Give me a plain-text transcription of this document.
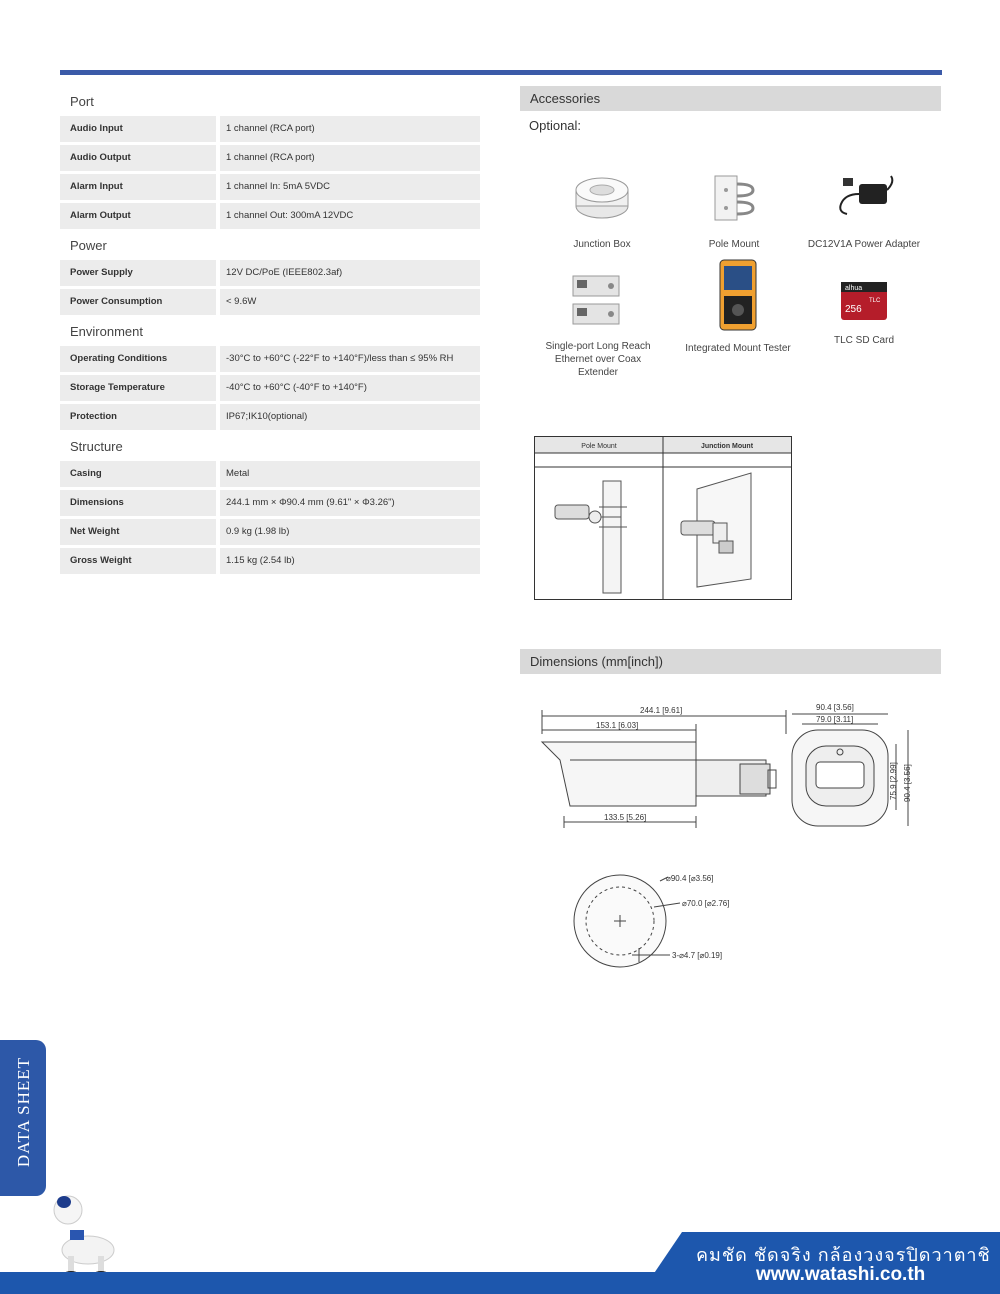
Port
Audio Input	1 channel (RCA port)
Audio Output	1 channel (RCA port)
Alarm Input	1 channel In: 5mA 5VDC
Alarm Output	1 channel Out: 300mA 12VDC
Power
Power Supply	12V DC/PoE (IEEE802.3af)
Power Consumption	< 9.6W
Environment
Operating Conditions	-30°C to +60°C (-22°F to +140°F)/less than ≤ 95% RH
Storage Temperature	-40°C to +60°C (-40°F to +140°F)
Protection	IP67;IK10(optional)
Structure
Casing	Metal
Dimensions	244.1 mm × Φ90.4 mm (9.61" × Φ3.26")
Net Weight	0.9 kg (1.98 lb)
Gross Weight	1.15 kg (2.54 lb)
Accessories
Optional:
Junction Box	Pole Mount	DC12V1A Power Adapter
Single-port Long Reach Ethernet over Coax Extender
Integrated Mount Tester
alhua
256
TLC
TLC SD Card
Pole Mount	Junction Mount
Dimensions (mm[inch])
244.1 [9.61]
153.1 [6.03]
133.5 [5.26]
90.4 [3.56]
79.0 [3.11]
75.9 [2.99] 90.4 [3.56]
⌀90.4 [⌀3.56]
⌀70.0 [⌀2.76]
3-⌀4.7 [⌀0.19]
DATA SHEET
คมชัด ชัดจริง กล้องวงจรปิดวาตาชิ
www.watashi.co.th
